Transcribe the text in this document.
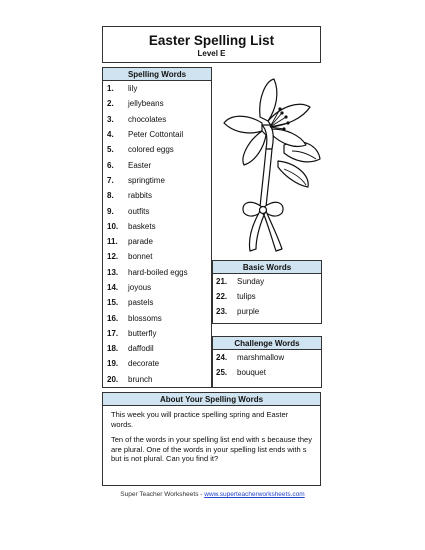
Easter Spelling List
Level E
Spelling Words
1.	lily
2.	jellybeans
3.	chocolates
4.	Peter Cottontail
5.	colored eggs
6.	Easter
7.	springtime
8.	rabbits
9.	outfits
10.	baskets
11.	parade
12.	bonnet
13.	hard-boiled eggs
14.	joyous
15.	pastels
16.	blossoms
17.	butterfly
18.	daffodil
19.	decorate
20.	brunch
Basic Words
21.	Sunday
22.	tulips
23.	purple
Challenge Words
24.	marshmallow
25.	bouquet
About Your Spelling Words

This week you will practice spelling spring and Easter words.

Ten of the words in your spelling list end with s because they are plural. One of the words in your spelling list ends with s but is not plural. Can you find it?

Super Teacher Worksheets - www.superteacherworksheets.com
